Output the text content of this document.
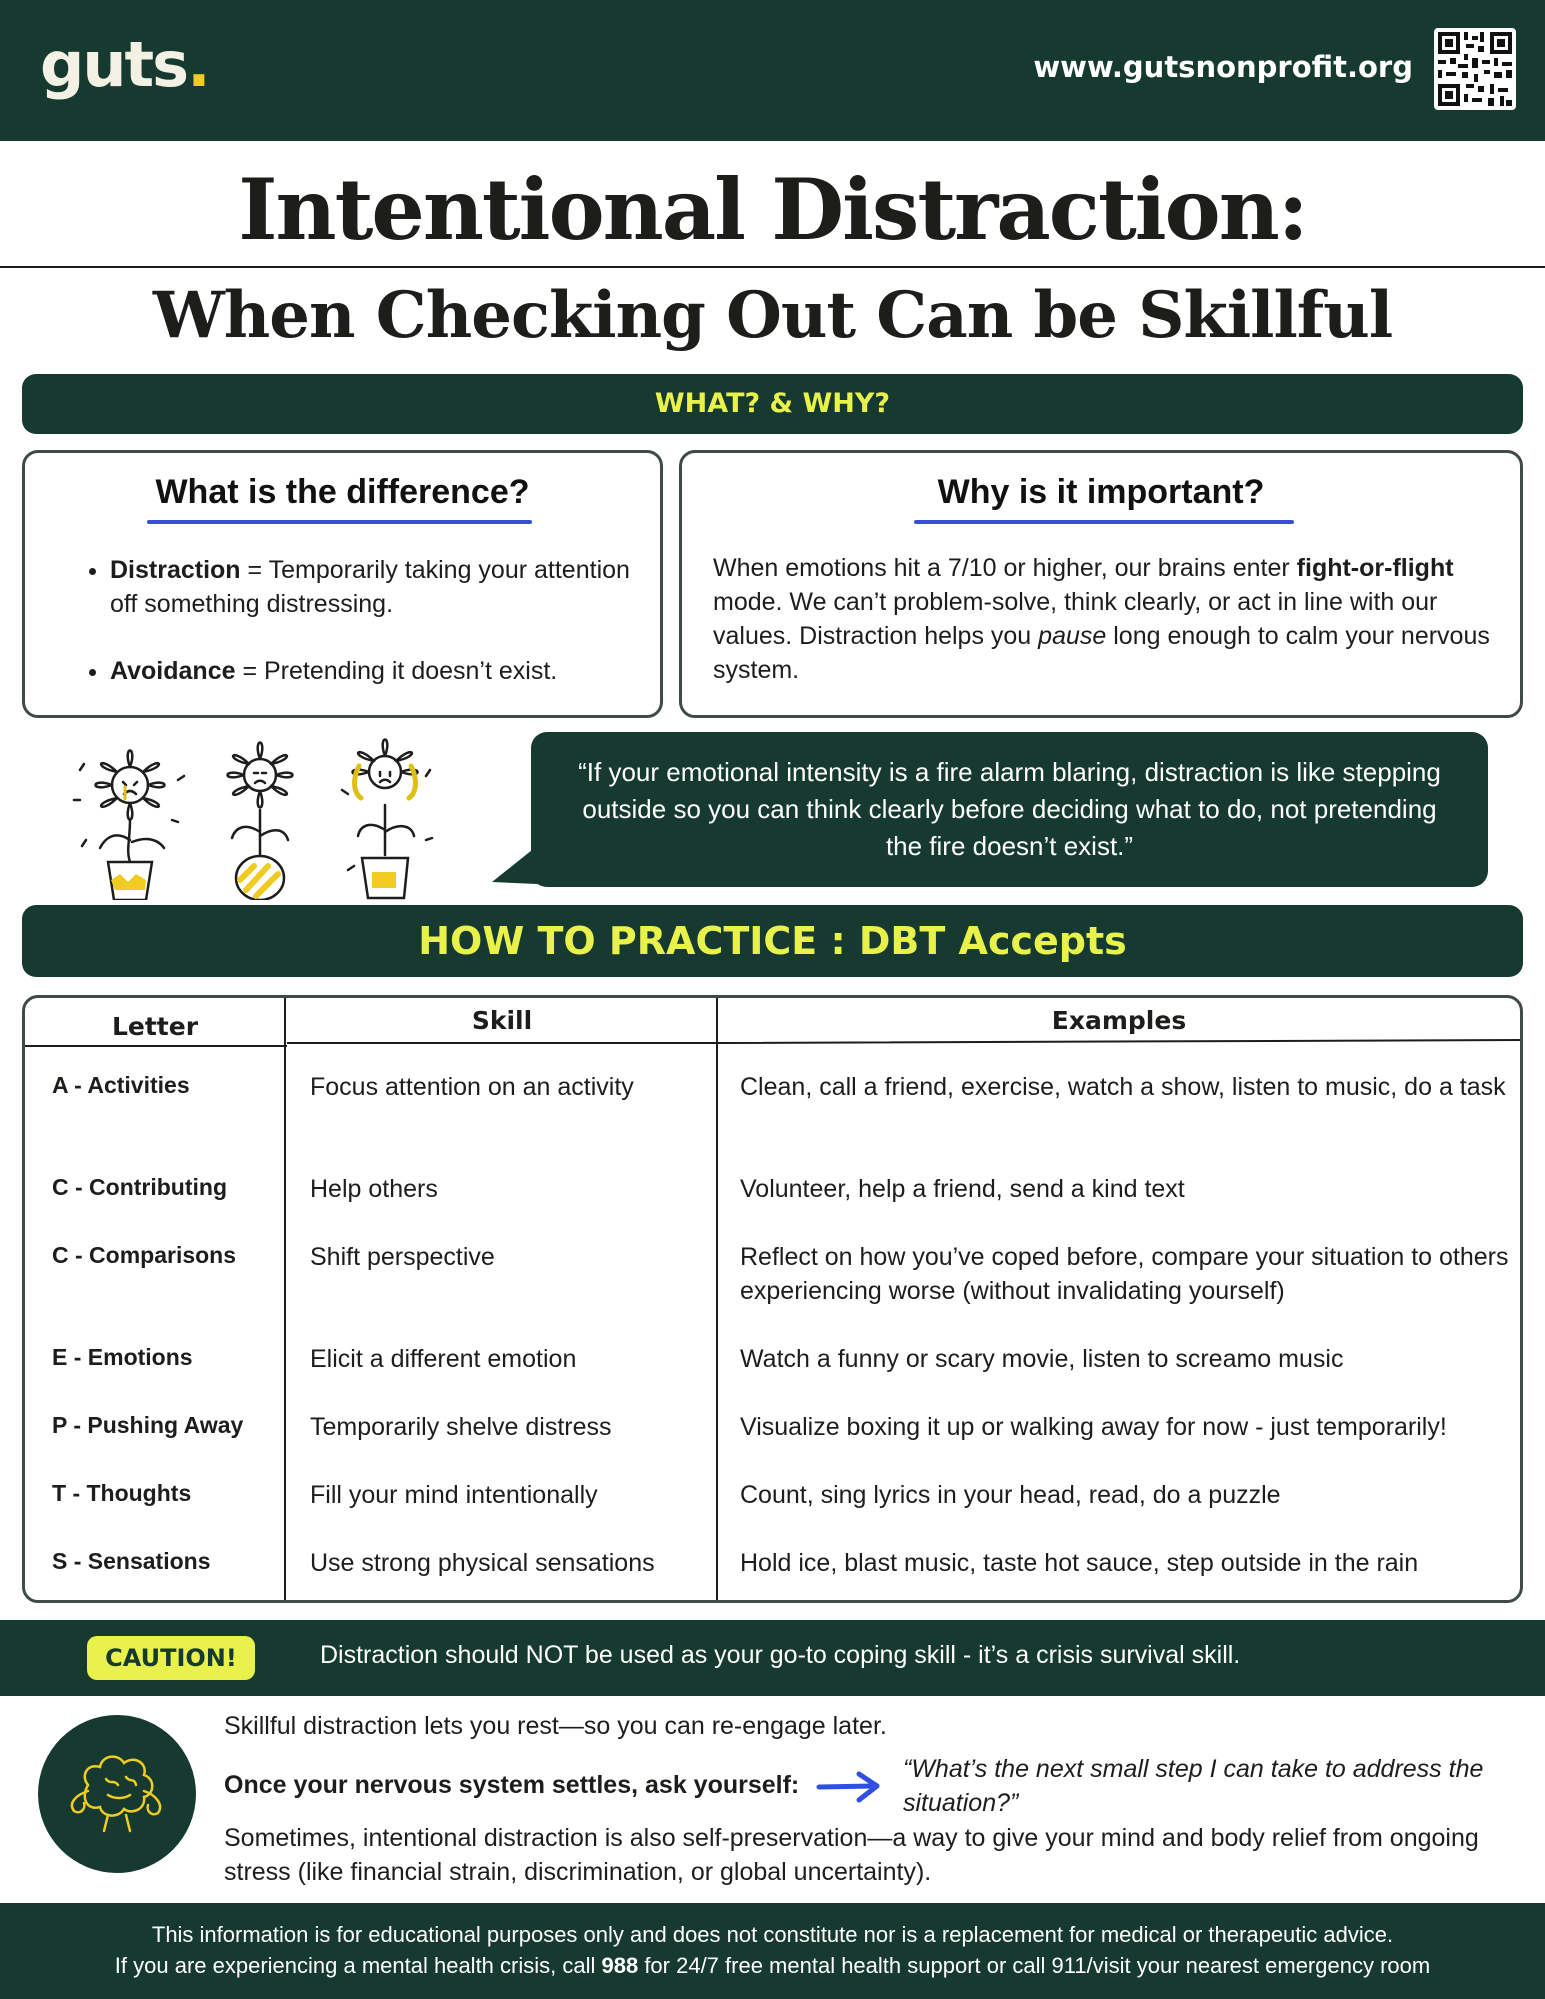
guts.	www.gutsnonprofit.org
Intentional Distraction:
When Checking Out Can be Skillful
WHAT? & WHY?
What is the difference?
• Distraction = Temporarily taking your attention off something distressing.
• Avoidance = Pretending it doesn’t exist.
Why is it important?

When emotions hit a 7/10 or higher, our brains enter fight-or-flight mode. We can’t problem-solve, think clearly, or act in line with our values. Distraction helps you pause long enough to calm your nervous system.

“If your emotional intensity is a fire alarm blaring, distraction is like stepping outside so you can think clearly before deciding what to do, not pretending the fire doesn’t exist.”
HOW TO PRACTICE : DBT Accepts
Letter	Skill	Examples
A - Activities	Focus attention on an activity	Clean, call a friend, exercise, watch a show, listen to music, do a task
C - Contributing	Help others	Volunteer, help a friend, send a kind text
C - Comparisons	Shift perspective	Reflect on how you’ve coped before, compare your situation to others experiencing worse (without invalidating yourself)
E - Emotions	Elicit a different emotion	Watch a funny or scary movie, listen to screamo music
P - Pushing Away	Temporarily shelve distress	Visualize boxing it up or walking away for now - just temporarily!
T - Thoughts	Fill your mind intentionally	Count, sing lyrics in your head, read, do a puzzle
S - Sensations	Use strong physical sensations	Hold ice, blast music, taste hot sauce, step outside in the rain
CAUTION!	Distraction should NOT be used as your go-to coping skill - it’s a crisis survival skill.
Skillful distraction lets you rest—so you can re-engage later.
Once your nervous system settles, ask yourself:
“What’s the next small step I can take to address the situation?”
Sometimes, intentional distraction is also self-preservation—a way to give your mind and body relief from ongoing stress (like financial strain, discrimination, or global uncertainty).
This information is for educational purposes only and does not constitute nor is a replacement for medical or therapeutic advice.
If you are experiencing a mental health crisis, call 988 for 24/7 free mental health support or call 911/visit your nearest emergency room
